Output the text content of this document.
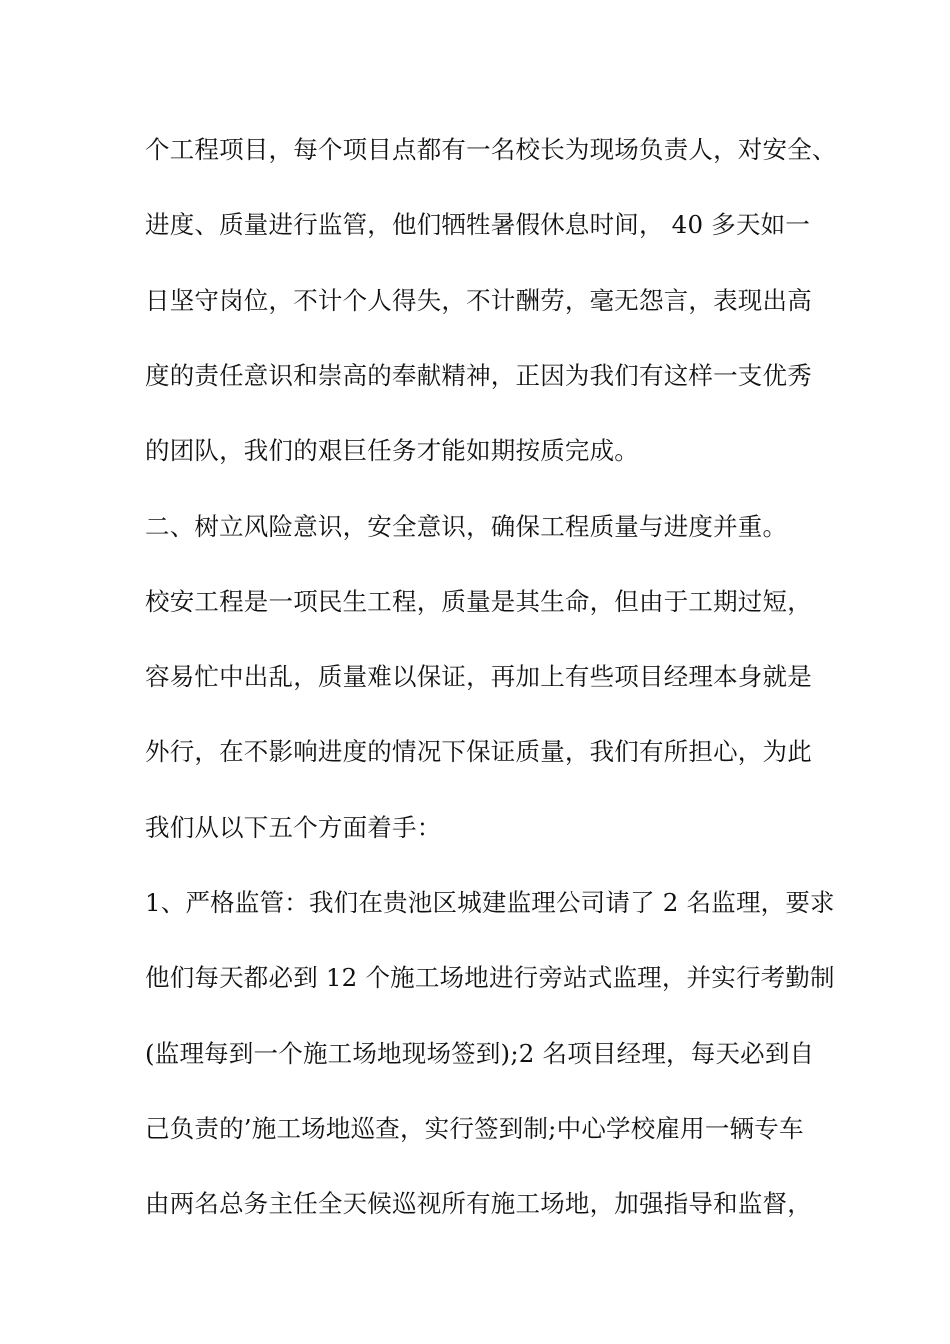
个工程项目，每个项目点都有一名校长为现场负责人，对安全、
进度、质量进行监管，他们牺牲暑假休息时间， 40 多天如一
日坚守岗位，不计个人得失，不计酬劳，毫无怨言，表现出高
度的责任意识和崇高的奉献精神，正因为我们有这样一支优秀
的团队，我们的艰巨任务才能如期按质完成。
二、树立风险意识，安全意识，确保工程质量与进度并重。
校安工程是一项民生工程，质量是其生命，但由于工期过短，
容易忙中出乱，质量难以保证，再加上有些项目经理本身就是
外行，在不影响进度的情况下保证质量，我们有所担心，为此
我们从以下五个方面着手：
1、严格监管：我们在贵池区城建监理公司请了 2 名监理，要求
他们每天都必到 12 个施工场地进行旁站式监理，并实行考勤制
(监理每到一个施工场地现场签到);2 名项目经理，每天必到自
己负责的’施工场地巡查，实行签到制;中心学校雇用一辆专车
由两名总务主任全天候巡视所有施工场地，加强指导和监督，
